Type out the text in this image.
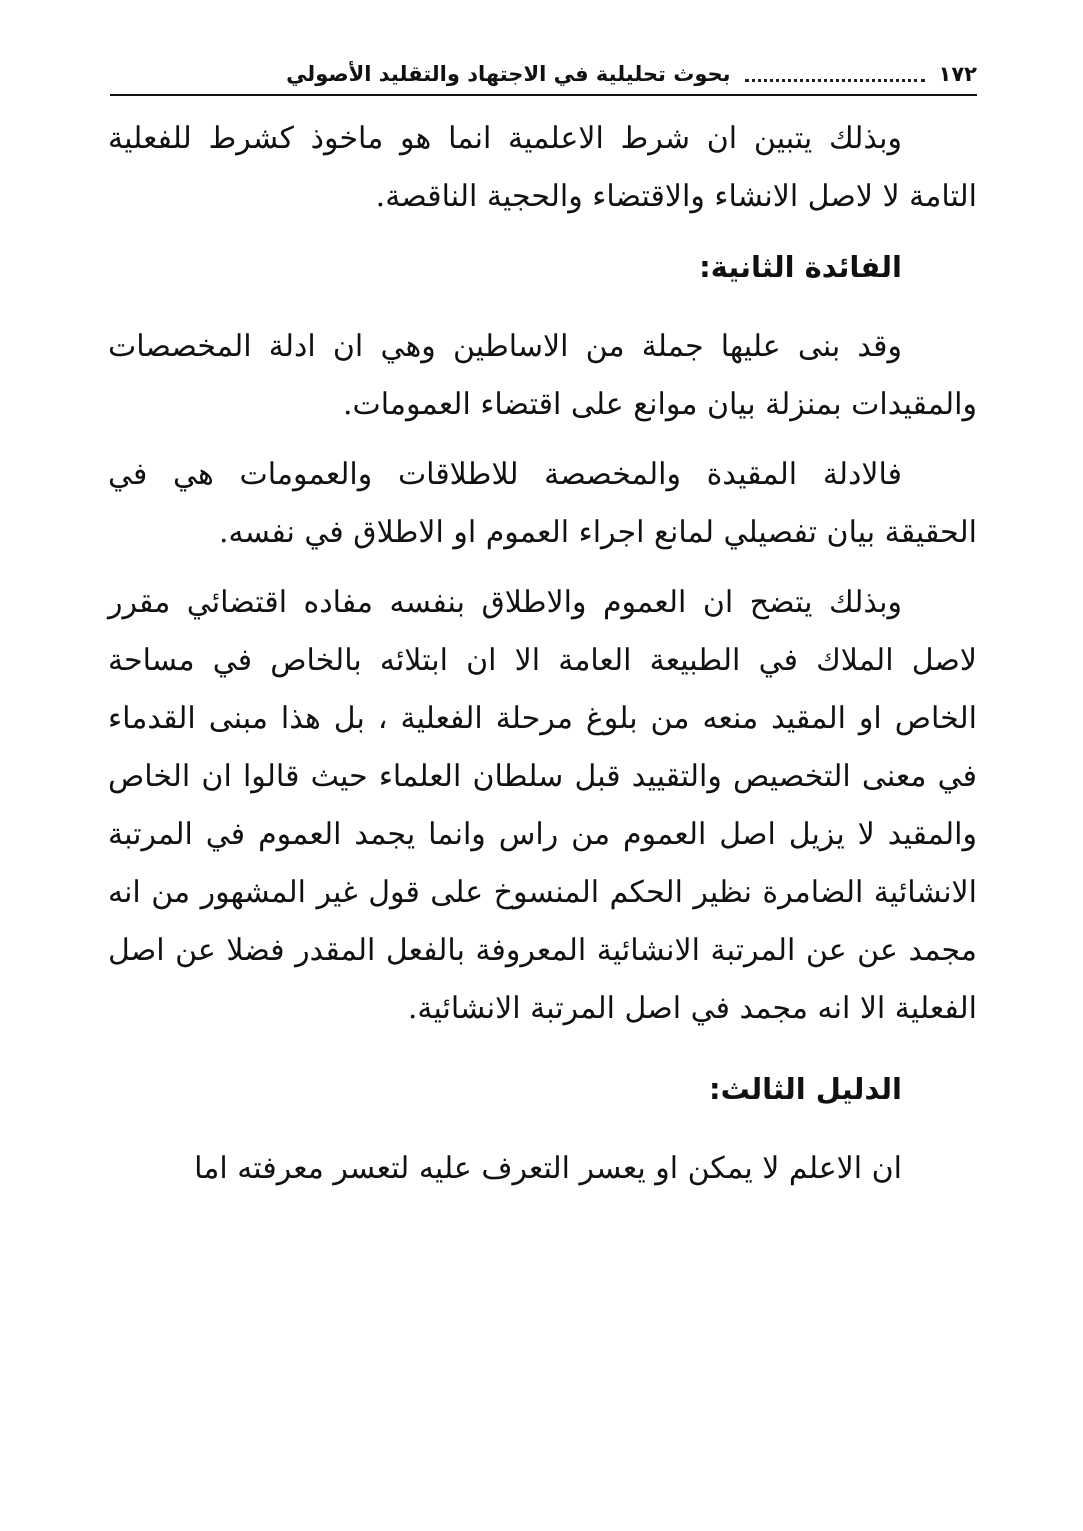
١٧٢
بحوث تحليلية في الاجتهاد والتقليد الأصولي

وبذلك يتبين ان شرط الاعلمية انما هو ماخوذ كشرط للفعلية التامة لا لاصل الانشاء والاقتضاء والحجية الناقصة.

الفائدة الثانية:

وقد بنى عليها جملة من الاساطين وهي ان ادلة المخصصات والمقيدات بمنزلة بيان موانع على اقتضاء العمومات.

فالادلة المقيدة والمخصصة للاطلاقات والعمومات هي في الحقيقة بيان تفصيلي لمانع اجراء العموم او الاطلاق في نفسه.

وبذلك يتضح ان العموم والاطلاق بنفسه مفاده اقتضائي مقرر لاصل الملاك في الطبيعة العامة الا ان ابتلائه بالخاص في مساحة الخاص او المقيد منعه من بلوغ مرحلة الفعلية ، بل هذا مبنى القدماء في معنى التخصيص والتقييد قبل سلطان العلماء حيث قالوا ان الخاص والمقيد لا يزيل اصل العموم من راس وانما يجمد العموم في المرتبة الانشائية الضامرة نظير الحكم المنسوخ على قول غير المشهور من انه مجمد عن عن المرتبة الانشائية المعروفة بالفعل المقدر فضلا عن اصل الفعلية الا انه مجمد في اصل المرتبة الانشائية.

الدليل الثالث:

ان الاعلم لا يمكن او يعسر التعرف عليه لتعسر معرفته اما
